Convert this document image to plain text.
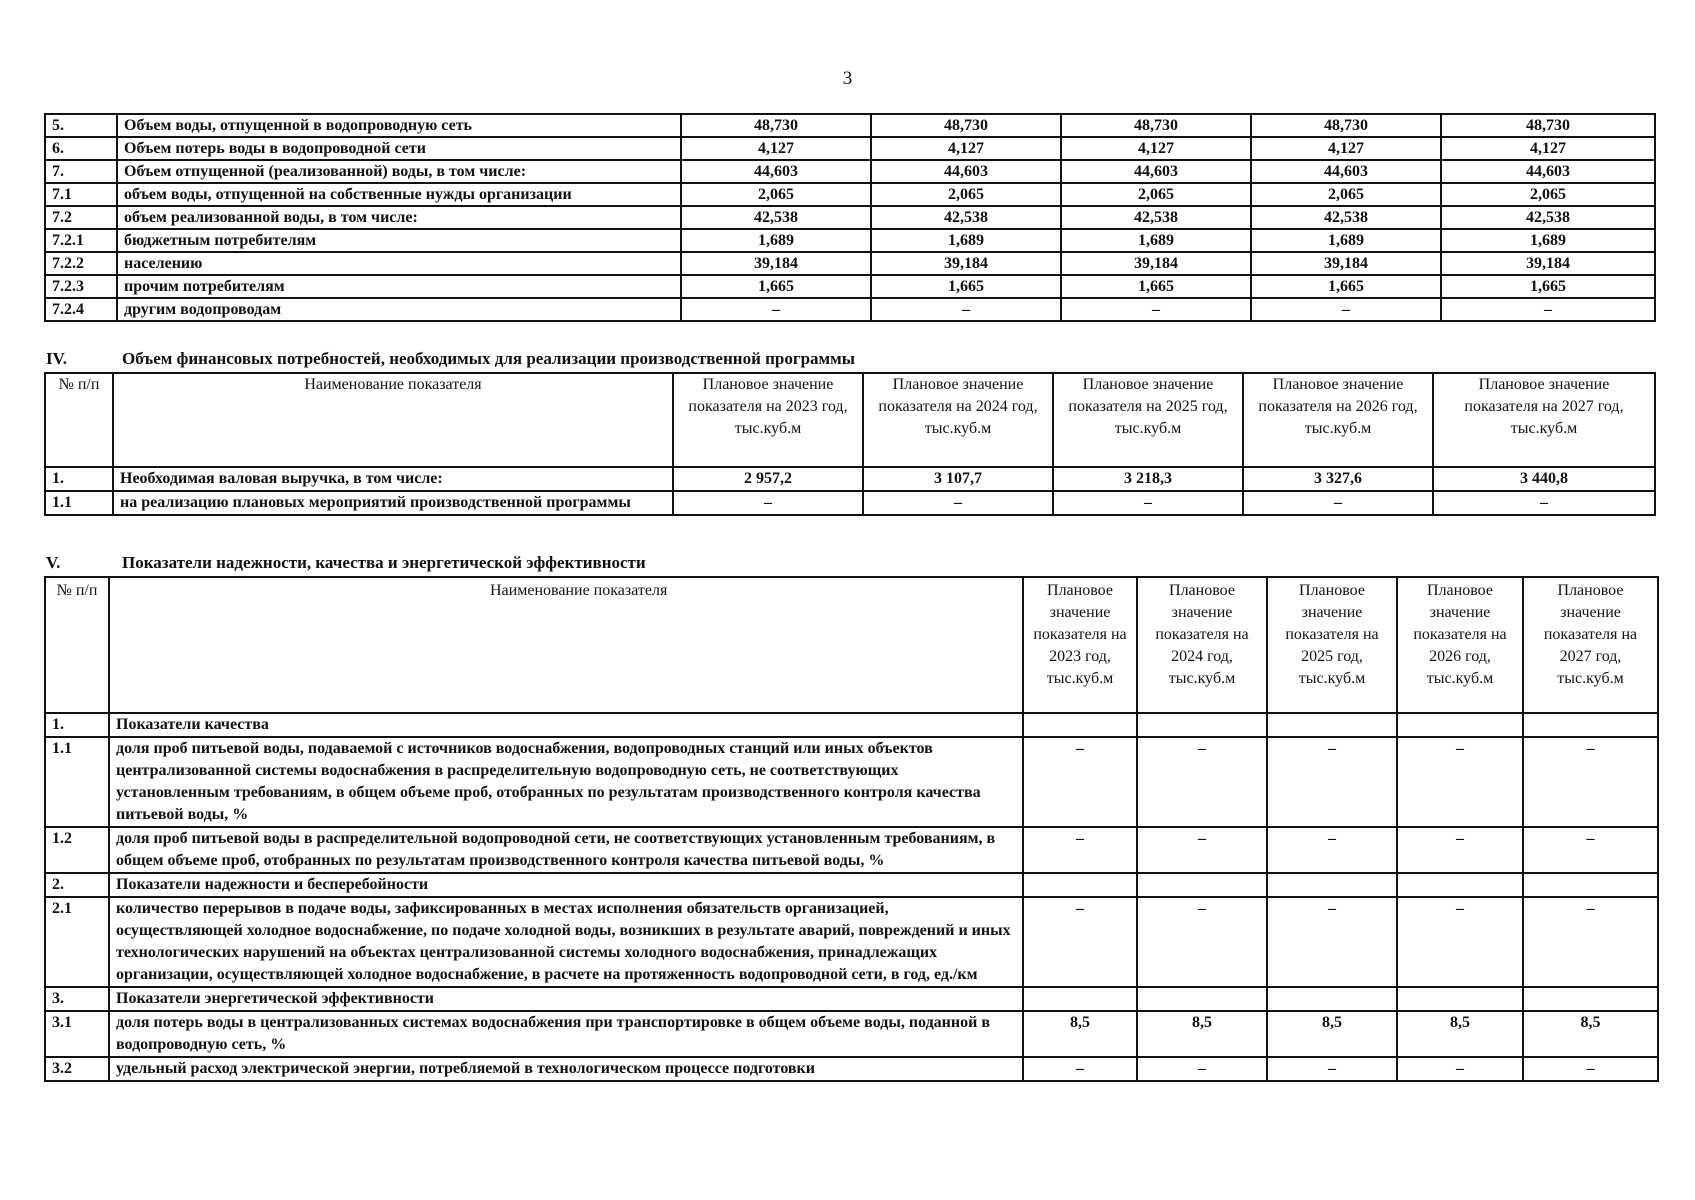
3
5.	Объем воды, отпущенной в водопроводную сеть	48,730	48,730	48,730	48,730	48,730
6.	Объем потерь воды в водопроводной сети	4,127	4,127	4,127	4,127	4,127
7.	Объем отпущенной (реализованной) воды, в том числе:	44,603	44,603	44,603	44,603	44,603
7.1	объем воды, отпущенной на собственные нужды организации	2,065	2,065	2,065	2,065	2,065
7.2	объем реализованной воды, в том числе:	42,538	42,538	42,538	42,538	42,538
7.2.1	бюджетным потребителям	1,689	1,689	1,689	1,689	1,689
7.2.2	населению	39,184	39,184	39,184	39,184	39,184
7.2.3	прочим потребителям	1,665	1,665	1,665	1,665	1,665
7.2.4	другим водопроводам	–	–	–	–	–
IV.	Объем финансовых потребностей, необходимых для реализации производственной программы
№ п/п	Наименование показателя	Плановое значение показателя на 2023 год, тыс.куб.м	Плановое значение показателя на 2024 год, тыс.куб.м	Плановое значение показателя на 2025 год, тыс.куб.м	Плановое значение показателя на 2026 год, тыс.куб.м	Плановое значение показателя на 2027 год, тыс.куб.м
1.	Необходимая валовая выручка, в том числе:	2 957,2	3 107,7	3 218,3	3 327,6	3 440,8
1.1	на реализацию плановых мероприятий производственной программы	–	–	–	–	–
V.	Показатели надежности, качества и энергетической эффективности
№ п/п	Наименование показателя	Плановое значение показателя на 2023 год, тыс.куб.м	Плановое значение показателя на 2024 год, тыс.куб.м	Плановое значение показателя на 2025 год, тыс.куб.м	Плановое значение показателя на 2026 год, тыс.куб.м	Плановое значение показателя на 2027 год, тыс.куб.м
1.	Показатели качества					
1.1	доля проб питьевой воды, подаваемой с источников водоснабжения, водопроводных станций или иных объектов централизованной системы водоснабжения в распределительную водопроводную сеть, не соответствующих установленным требованиям, в общем объеме проб, отобранных по результатам производственного контроля качества питьевой воды, %	–	–	–	–	–
1.2	доля проб питьевой воды в распределительной водопроводной сети, не соответствующих установленным требованиям, в общем объеме проб, отобранных по результатам производственного контроля качества питьевой воды, %	–	–	–	–	–
2.	Показатели надежности и бесперебойности					
2.1	количество перерывов в подаче воды, зафиксированных в местах исполнения обязательств организацией, осуществляющей холодное водоснабжение, по подаче холодной воды, возникших в результате аварий, повреждений и иных технологических нарушений на объектах централизованной системы холодного водоснабжения, принадлежащих организации, осуществляющей холодное водоснабжение, в расчете на протяженность водопроводной сети, в год, ед./км	–	–	–	–	–
3.	Показатели энергетической эффективности					
3.1	доля потерь воды в централизованных системах водоснабжения при транспортировке в общем объеме воды, поданной в водопроводную сеть, %	8,5	8,5	8,5	8,5	8,5
3.2	удельный расход электрической энергии, потребляемой в технологическом процессе подготовки	–	–	–	–	–
